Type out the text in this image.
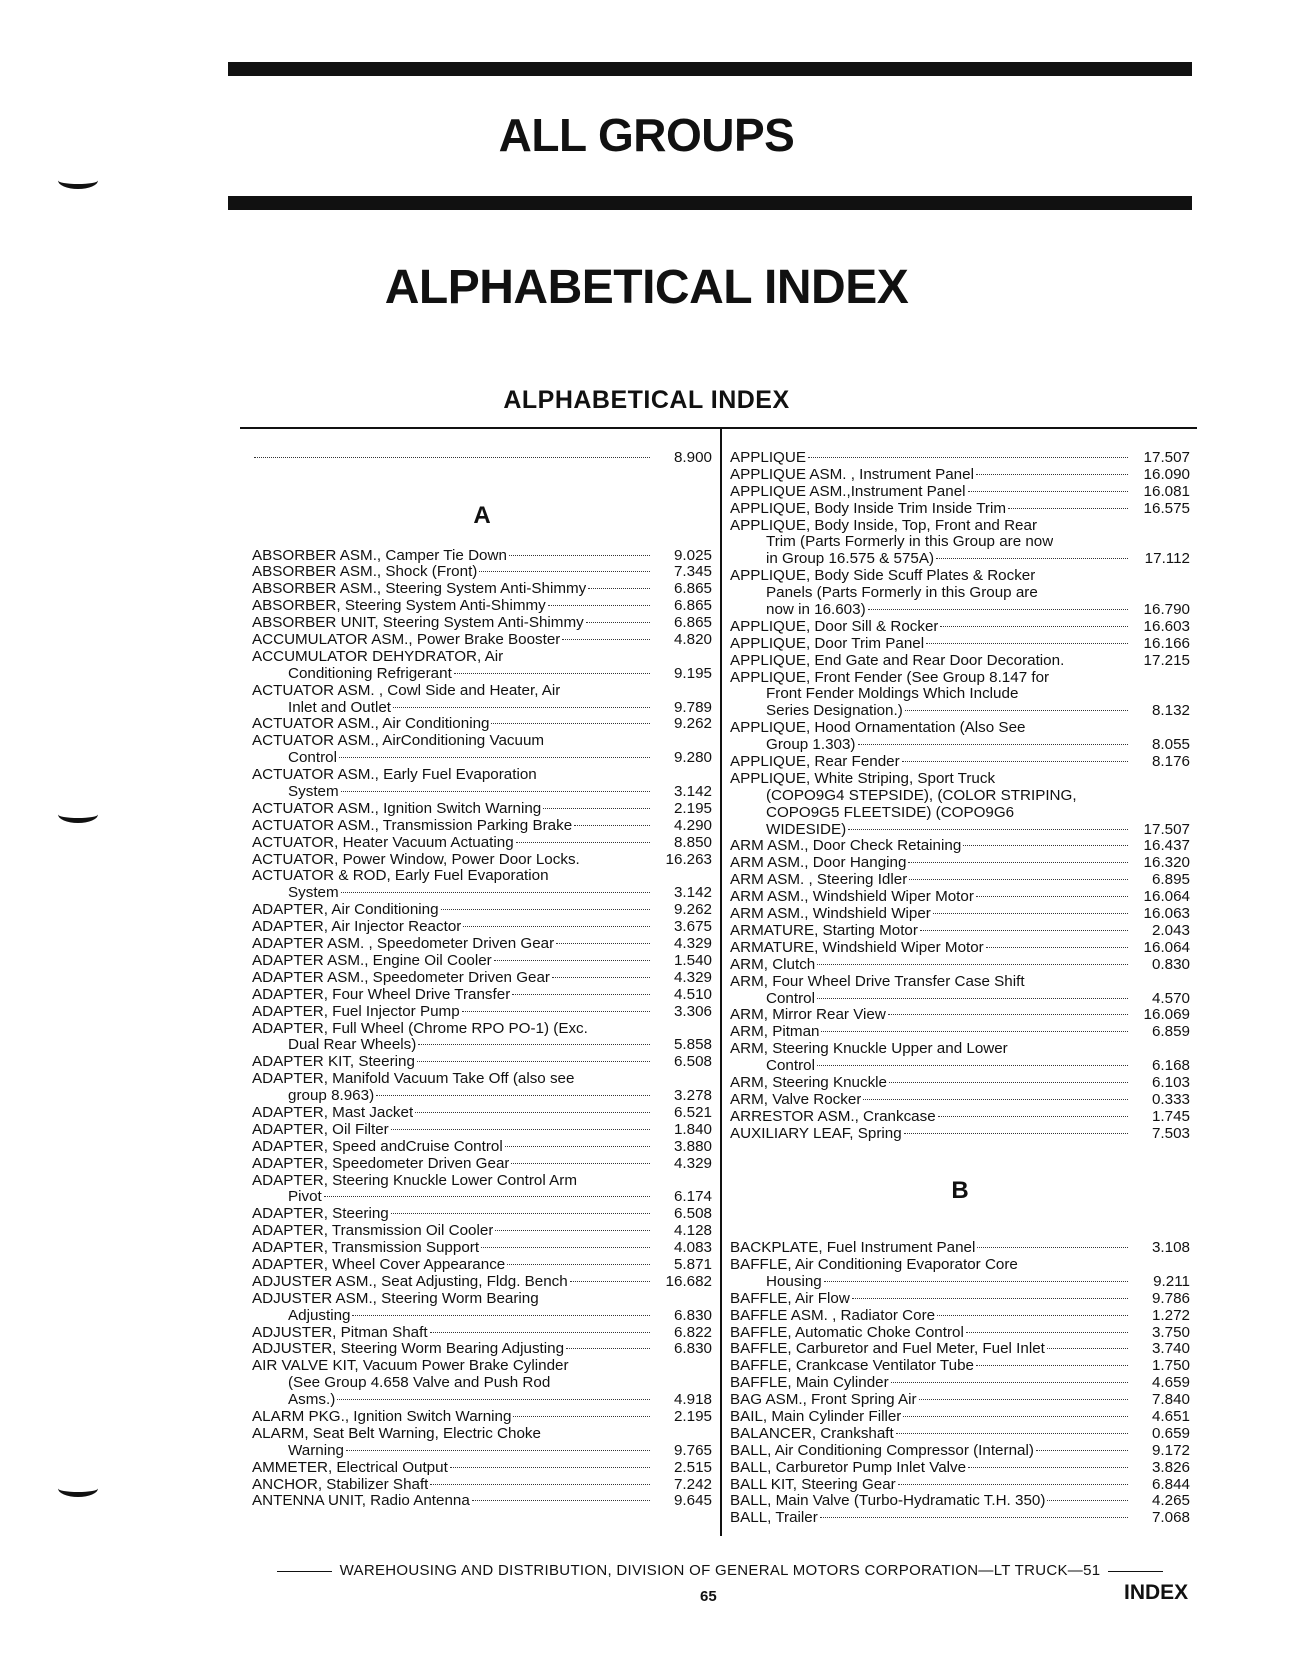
ALL GROUPS
ALPHABETICAL INDEX
ALPHABETICAL INDEX
8.900
A
ABSORBER ASM., Camper Tie Down	9.025
ABSORBER ASM., Shock (Front)	7.345
ABSORBER ASM., Steering System Anti-Shimmy	6.865
ABSORBER, Steering System Anti-Shimmy	6.865
ABSORBER UNIT, Steering System Anti-Shimmy	6.865
ACCUMULATOR ASM., Power Brake Booster	4.820
ACCUMULATOR DEHYDRATOR, Air
Conditioning Refrigerant	9.195
ACTUATOR ASM. , Cowl Side and Heater, Air
Inlet and Outlet	9.789
ACTUATOR ASM., Air Conditioning	9.262
ACTUATOR ASM., AirConditioning Vacuum
Control	9.280
ACTUATOR ASM., Early Fuel Evaporation
System	3.142
ACTUATOR ASM., Ignition Switch Warning	2.195
ACTUATOR ASM., Transmission Parking Brake	4.290
ACTUATOR, Heater Vacuum Actuating	8.850
ACTUATOR, Power Window, Power Door Locks.	16.263
ACTUATOR & ROD, Early Fuel Evaporation
System	3.142
ADAPTER, Air Conditioning	9.262
ADAPTER, Air Injector Reactor	3.675
ADAPTER ASM. , Speedometer Driven Gear	4.329
ADAPTER ASM., Engine Oil Cooler	1.540
ADAPTER ASM., Speedometer Driven Gear	4.329
ADAPTER, Four Wheel Drive Transfer	4.510
ADAPTER, Fuel Injector Pump	3.306
ADAPTER, Full Wheel (Chrome RPO PO-1) (Exc.
Dual Rear Wheels)	5.858
ADAPTER KIT, Steering	6.508
ADAPTER, Manifold Vacuum Take Off (also see
group 8.963)	3.278
ADAPTER, Mast Jacket	6.521
ADAPTER, Oil Filter	1.840
ADAPTER, Speed andCruise Control	3.880
ADAPTER, Speedometer Driven Gear	4.329
ADAPTER, Steering Knuckle Lower Control Arm
Pivot	6.174
ADAPTER, Steering	6.508
ADAPTER, Transmission Oil Cooler	4.128
ADAPTER, Transmission Support	4.083
ADAPTER, Wheel Cover Appearance	5.871
ADJUSTER ASM., Seat Adjusting, Fldg. Bench	16.682
ADJUSTER ASM., Steering Worm Bearing
Adjusting	6.830
ADJUSTER, Pitman Shaft	6.822
ADJUSTER, Steering Worm Bearing Adjusting	6.830
AIR VALVE KIT, Vacuum Power Brake Cylinder
(See Group 4.658 Valve and Push Rod
Asms.)	4.918
ALARM PKG., Ignition Switch Warning	2.195
ALARM, Seat Belt Warning, Electric Choke
Warning	9.765
AMMETER, Electrical Output	2.515
ANCHOR, Stabilizer Shaft	7.242
ANTENNA UNIT, Radio Antenna	9.645
APPLIQUE	17.507
APPLIQUE ASM. , Instrument Panel	16.090
APPLIQUE ASM.,Instrument Panel	16.081
APPLIQUE, Body Inside Trim Inside Trim	16.575
APPLIQUE, Body Inside, Top, Front and Rear
Trim (Parts Formerly in this Group are now
in Group 16.575 & 575A)	17.112
APPLIQUE, Body Side Scuff Plates & Rocker
Panels (Parts Formerly in this Group are
now in 16.603)	16.790
APPLIQUE, Door Sill & Rocker	16.603
APPLIQUE, Door Trim Panel	16.166
APPLIQUE, End Gate and Rear Door Decoration.	17.215
APPLIQUE, Front Fender (See Group 8.147 for
Front Fender Moldings Which Include
Series Designation.)	8.132
APPLIQUE, Hood Ornamentation (Also See
Group 1.303)	8.055
APPLIQUE, Rear Fender	8.176
APPLIQUE, White Striping, Sport Truck
(COPO9G4 STEPSIDE), (COLOR STRIPING,
COPO9G5 FLEETSIDE) (COPO9G6
WIDESIDE)	17.507
ARM ASM., Door Check Retaining	16.437
ARM ASM., Door Hanging	16.320
ARM ASM. , Steering Idler	6.895
ARM ASM., Windshield Wiper Motor	16.064
ARM ASM., Windshield Wiper	16.063
ARMATURE, Starting Motor	2.043
ARMATURE, Windshield Wiper Motor	16.064
ARM, Clutch	0.830
ARM, Four Wheel Drive Transfer Case Shift
Control	4.570
ARM, Mirror Rear View	16.069
ARM, Pitman	6.859
ARM, Steering Knuckle Upper and Lower
Control	6.168
ARM, Steering Knuckle	6.103
ARM, Valve Rocker	0.333
ARRESTOR ASM., Crankcase	1.745
AUXILIARY LEAF, Spring	7.503
B
BACKPLATE, Fuel Instrument Panel	3.108
BAFFLE, Air Conditioning Evaporator Core
Housing	9.211
BAFFLE, Air Flow	9.786
BAFFLE ASM. , Radiator Core	1.272
BAFFLE, Automatic Choke Control	3.750
BAFFLE, Carburetor and Fuel Meter, Fuel Inlet	3.740
BAFFLE, Crankcase Ventilator Tube	1.750
BAFFLE, Main Cylinder	4.659
BAG ASM., Front Spring Air	7.840
BAIL, Main Cylinder Filler	4.651
BALANCER, Crankshaft	0.659
BALL, Air Conditioning Compressor (Internal)	9.172
BALL, Carburetor Pump Inlet Valve	3.826
BALL KIT, Steering Gear	6.844
BALL, Main Valve (Turbo-Hydramatic T.H. 350)	4.265
BALL, Trailer	7.068
WAREHOUSING AND DISTRIBUTION, DIVISION OF GENERAL MOTORS CORPORATION—LT TRUCK—51
65	INDEX
